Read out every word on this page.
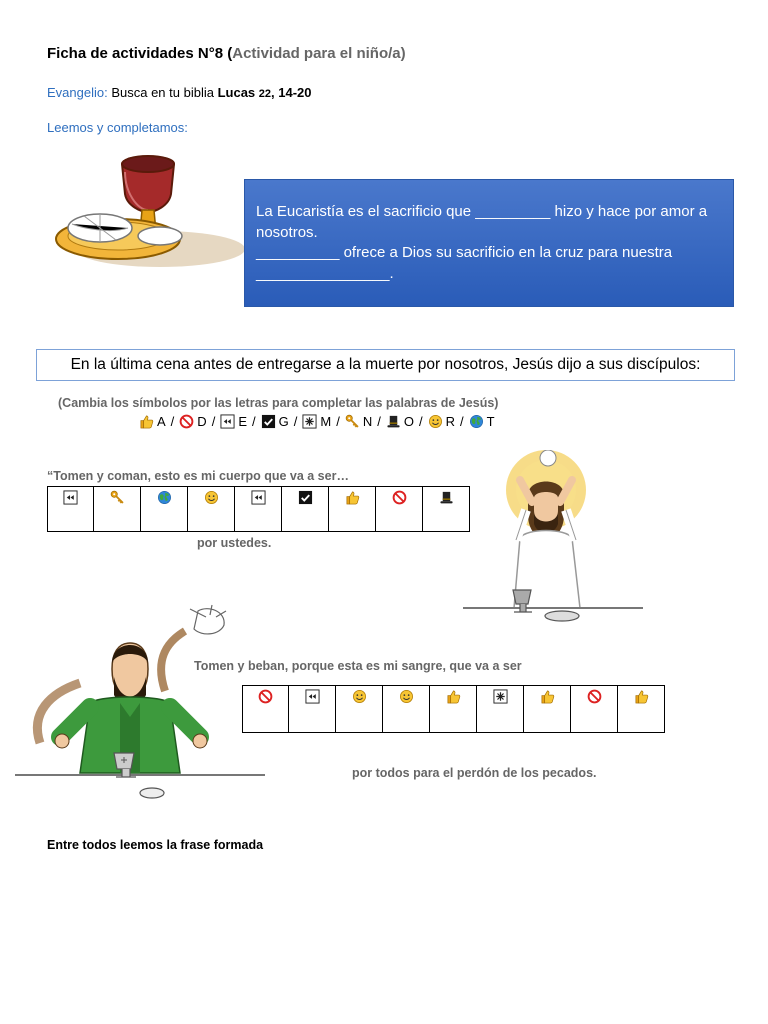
Ficha de actividades N°8 (Actividad para el niño/a)
Evangelio: Busca en tu biblia Lucas 22, 14-20
Leemos y completamos:

La Eucaristía es el sacrificio que _________ hizo y hace por amor a nosotros.

__________ ofrece a Dios su sacrificio en la cruz para nuestra ________________.

En la última cena antes de entregarse a la muerte por nosotros, Jesús dijo a sus discípulos:
(Cambia los símbolos por las letras para completar las palabras de Jesús)
A / D / E / G / M / N / O / R / T
“Tomen y coman, esto es mi cuerpo que va a ser…
por ustedes.
Tomen y beban, porque esta es mi sangre, que va a ser
por todos para el perdón de los pecados.
Entre todos leemos la frase formada
